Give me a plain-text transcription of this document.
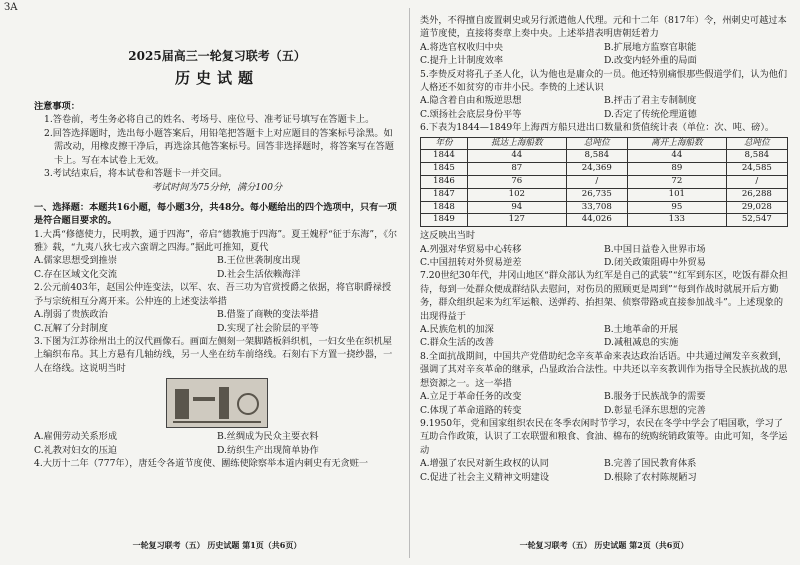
ЗA
2025届高三一轮复习联考（五）
历史试题
注意事项：

1.答卷前，考生务必将自己的姓名、考场号、座位号、准考证号填写在答题卡上。

2.回答选择题时，选出每小题答案后，用铅笔把答题卡上对应题目的答案标号涂黑。如需改动，用橡皮擦干净后，再选涂其他答案标号。回答非选择题时，将答案写在答题卡上。写在本试卷上无效。

3.考试结束后，将本试卷和答题卡一并交回。

考试时间为75分钟，满分100分
一、选择题：本题共16小题，每小题3分，共48分。每小题给出的四个选项中，只有一项是符合题目要求的。

1.大禹“修德使力，民明教，通于四海”，帝启“德教施于四海”。夏王媿杼“征于东海”，《尔雅》载，“九夷八狄七戎六蛮谓之四海。”据此可推知，夏代

A.儒家思想受到推崇	B.王位世袭制度出现
C.存在区域文化交流	D.社会生活依赖海洋

2.公元前403年，赵国公仲连变法，以军、农、吾三功为官赏授爵之依据，将官职爵禄授予与宗统相互分离开来。公仲连的上述变法举措

A.削弱了贵族政治	B.借鉴了商鞅的变法举措
C.瓦解了分封制度	D.实现了社会阶层的平等

3.下图为江苏徐州出土的汉代画像石。画面左侧刻一架脚踏板斜织机，一妇女坐在织机屋上编织布帛。其上方悬有几轴纺线，另一人坐在纺车前络线。石刻右下方置一挠纱器，一人在络线。这说明当时

A.雇佣劳动关系形成	B.丝绸成为民众主要衣料
C.礼教对妇女的压迫	D.纺织生产出现简单协作

4.大历十二年（777年），唐廷令各道节度使、團练使除察举本道内刺史有无贪赃一

一轮复习联考（五） 历史试题 第1页（共6页）

类外，不得擅自废置刺史或另行派遣他人代理。元和十二年（817年）令，州刺史可越过本道节度使，直接将奏章上奏中央。上述举措表明唐朝廷着力

A.将选官权收归中央	B.扩展地方监察官职能
C.提升上计制度效率	D.改变内轻外重的局面

5.李贽反对将孔子圣人化，认为他也是庸众的一员。他还特别痛恨那些假道学们，认为他们人格还不如贫穷的市井小民。李贽的上述认识

A.隐含着自由和叛逆思想	B.抨击了君主专制制度
C.颂扬社会底层身份平等	D.否定了传统伦理道德

6.下表为1844—1849年上海西方船只进出口数量和货值统计表（单位：次、吨、磅）。

年份	抵达上海船数	总吨位	离开上海船数	总吨位
1844	44	8,584	44	8,584
1845	87	24,369	89	24,585
1846	76	/	72	/
1847	102	26,735	101	26,288
1848	94	33,708	95	29,028
1849	127	44,026	133	52,547

这反映出当时

A.列强对华贸易中心转移	B.中国日益卷入世界市场
C.中国扭转对外贸易逆差	D.闭关政策阻碍中外贸易

7.20世纪30年代，井冈山地区“群众部认为红军是自己的武装”“红军到东区，吃饭有群众担待，每到一处群众便成群结队去慰问，对伤员的照顾更是周到”“每到作战时就展开后方勤务，群众组织起来为红军运粮、送弹药、抬担架、侦察带路或直接参加战斗”。上述现象的出现得益于

A.民族危机的加深	B.土地革命的开展
C.群众生活的改善	D.减租减息的实施

8.全面抗战期间，中国共产党借助纪念辛亥革命来表达政治话语。中共通过阐发辛亥救到，强调了其对辛亥革命的继承，凸显政治合法性。中共还以辛亥教训作为指导全民族抗战的思想资源之一。这一举措

A.立足于革命任务的改变	B.服务于民族战争的需要
C.体现了革命道路的转变	D.彰显毛泽东思想的完善

9.1950年，党和国家组织农民在冬季农闲时节学习，农民在冬学中学会了唱国歌，学习了互助合作政策，认识了工农联盟和粮食、食油、棉布的统购统销政策等。由此可知，冬学运动

A.增强了农民对新生政权的认同	B.完善了国民教育体系
C.促进了社会主义精神文明建设	D.根除了农村陈规陋习
一轮复习联考（五） 历史试题 第2页（共6页）
